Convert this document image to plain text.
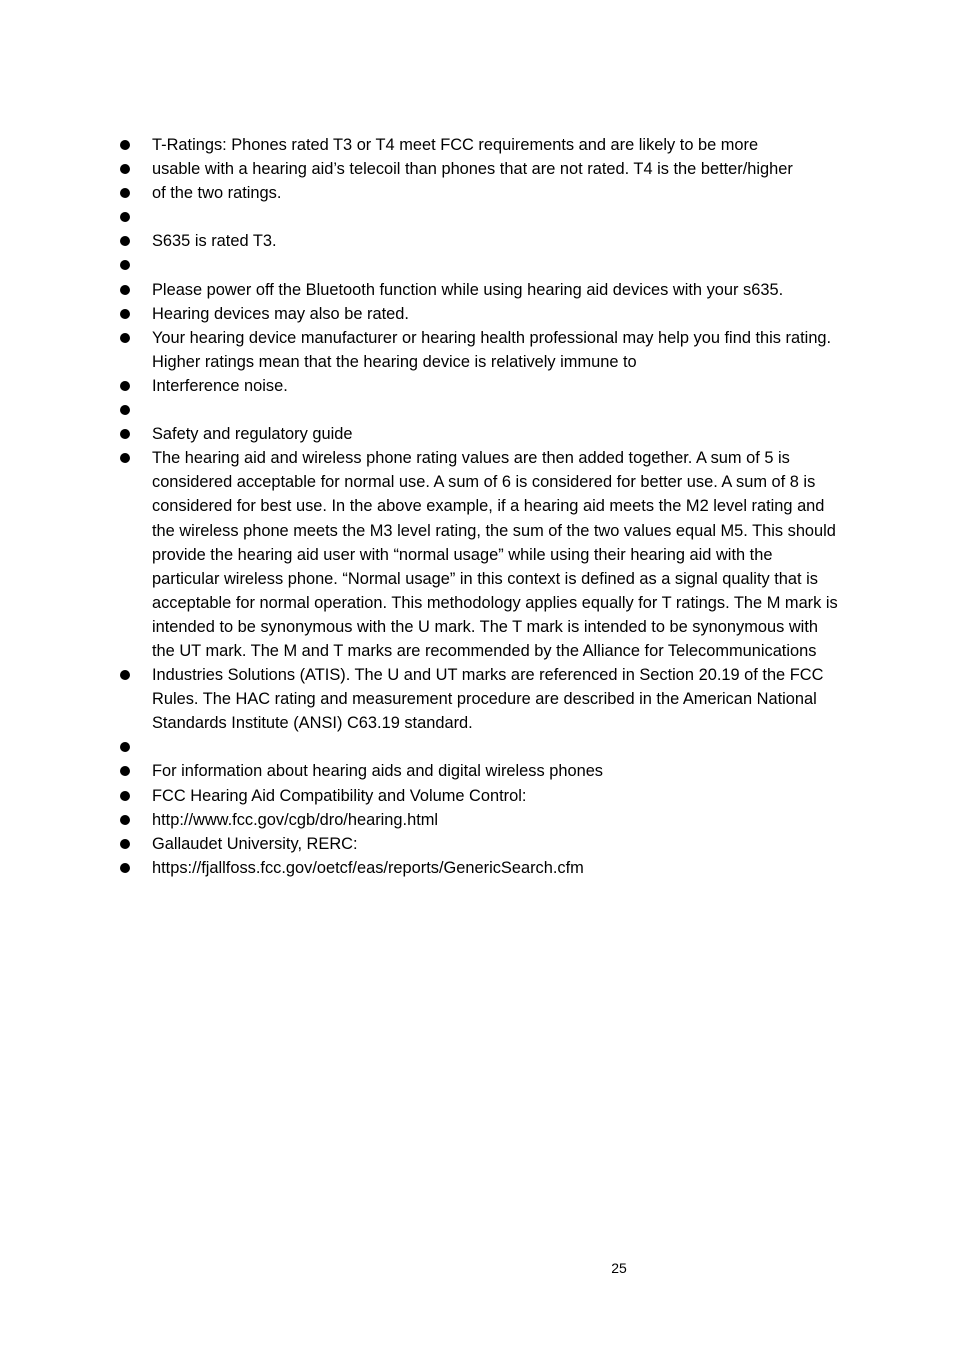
T-Ratings: Phones rated T3 or T4 meet FCC requirements and are likely to be more
usable with a hearing aid’s telecoil than phones that are not rated. T4 is the better/higher
of the two ratings.
S635 is rated T3.
Please power off the Bluetooth function while using hearing aid devices with your s635.
Hearing devices may also be rated.
Your hearing device manufacturer or hearing health professional may help you find this rating. Higher ratings mean that the hearing device is relatively immune to
Interference noise.
Safety and regulatory guide
The hearing aid and wireless phone rating values are then added together. A sum of 5 is considered acceptable for normal use. A sum of 6 is considered for better use. A sum of 8 is considered for best use. In the above example, if a hearing aid meets the M2 level rating and the wireless phone meets the M3 level rating, the sum of the two values equal M5. This should provide the hearing aid user with “normal usage” while using their hearing aid with the particular wireless phone. “Normal usage” in this context is defined as a signal quality that is acceptable for normal operation. This methodology applies equally for T ratings. The M mark is intended to be synonymous with the U mark. The T mark is intended to be synonymous with the UT mark. The M and T marks are recommended by the Alliance for Telecommunications
Industries Solutions (ATIS). The U and UT marks are referenced in Section 20.19 of the FCC Rules. The HAC rating and measurement procedure are described in the American National Standards Institute (ANSI) C63.19 standard.
For information about hearing aids and digital wireless phones
FCC Hearing Aid Compatibility and Volume Control:
http://www.fcc.gov/cgb/dro/hearing.html
Gallaudet University, RERC:
https://fjallfoss.fcc.gov/oetcf/eas/reports/GenericSearch.cfm
25
